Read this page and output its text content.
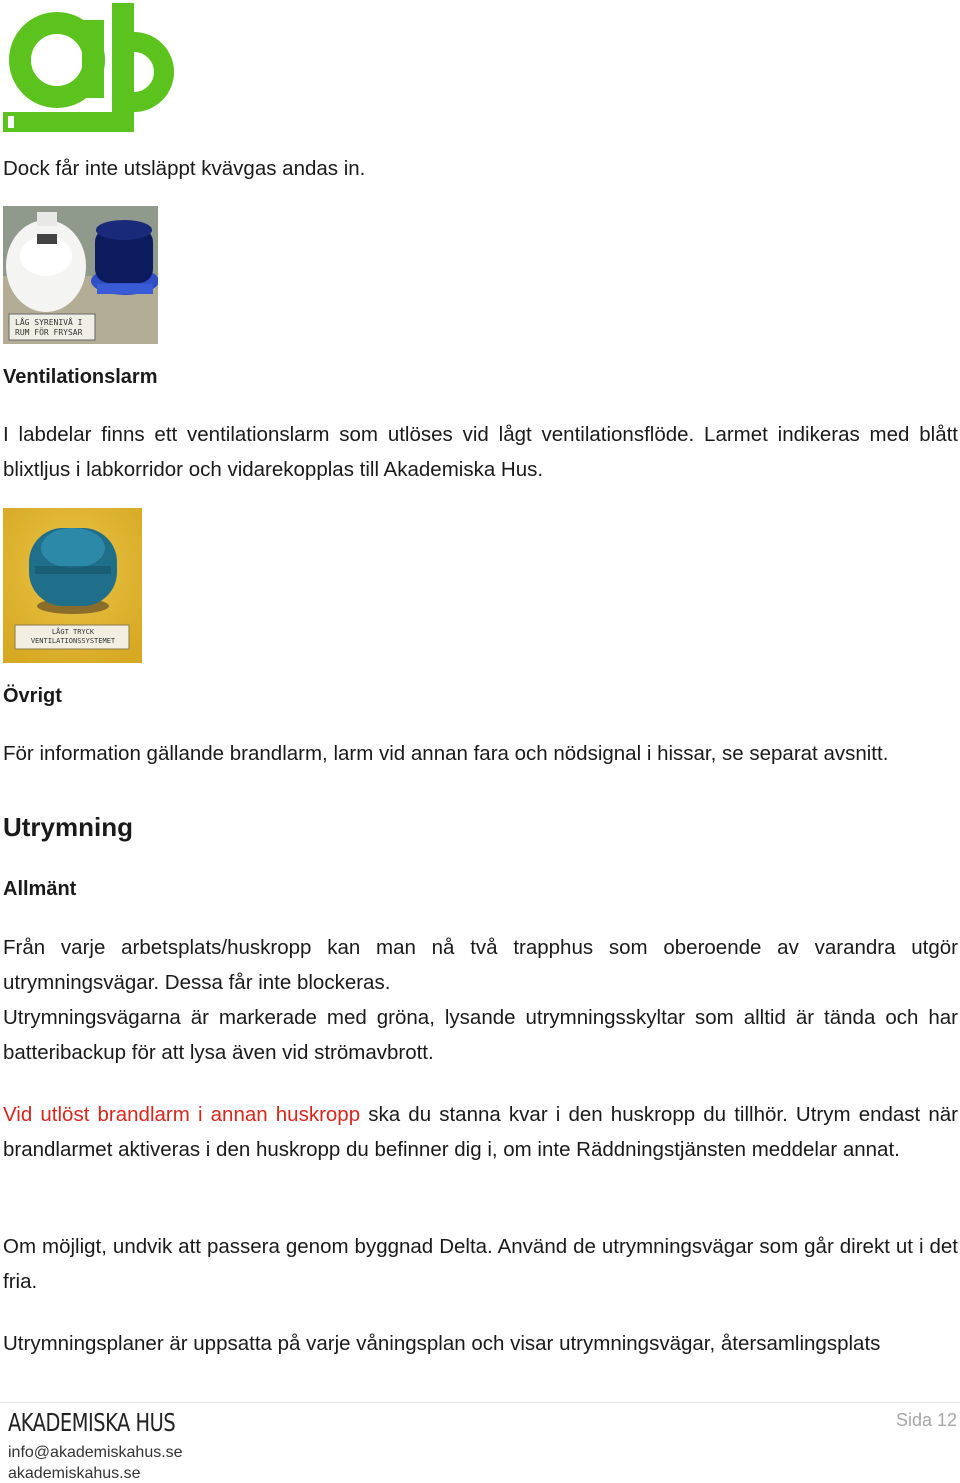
Dock får inte utsläppt kvävgas andas in.
LÅG SYRENIVÅ I
RUM FÖR FRYSAR
Ventilationslarm
I labdelar finns ett ventilationslarm som utlöses vid lågt ventilationsflöde. Larmet indikeras med blått blixtljus i labkorridor och vidarekopplas till Akademiska Hus.
LÅGT TRYCK
VENTILATIONSSYSTEMET
Övrigt
För information gällande brandlarm, larm vid annan fara och nödsignal i hissar, se separat avsnitt.
Utrymning
Allmänt
Från varje arbetsplats/huskropp kan man nå två trapphus som oberoende av varandra utgör utrymningsvägar. Dessa får inte blockeras.
Utrymningsvägarna är markerade med gröna, lysande utrymningsskyltar som alltid är tända och har batteribackup för att lysa även vid strömavbrott.
Vid utlöst brandlarm i annan huskropp ska du stanna kvar i den huskropp du tillhör. Utrym endast när brandlarmet aktiveras i den huskropp du befinner dig i, om inte Räddningstjänsten meddelar annat.
Om möjligt, undvik att passera genom byggnad Delta. Använd de utrymningsvägar som går direkt ut i det fria.
Utrymningsplaner är uppsatta på varje våningsplan och visar utrymningsvägar, återsamlingsplats
AKADEMISKA HUS
info@akademiskahus.se
akademiskahus.se
Sida 12
